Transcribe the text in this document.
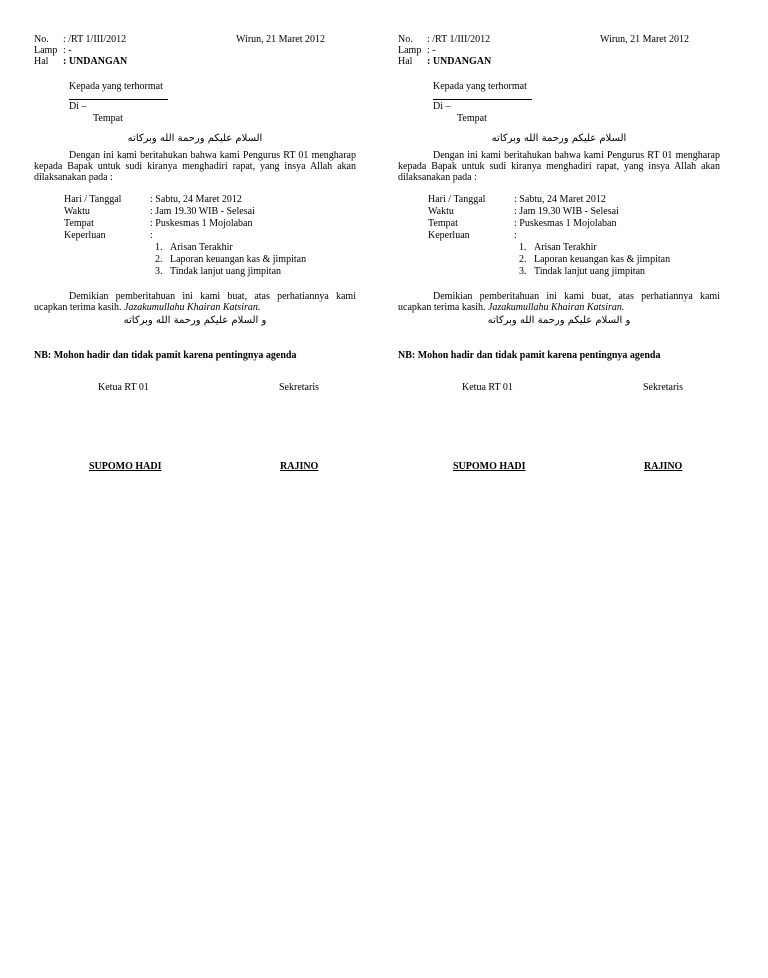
No. : /RT 1/III/2012	Wirun, 21 Maret 2012
Lamp : -
Hal : UNDANGAN
Kepada yang terhormat
Di –
Tempat
السلام عليكم ورحمة الله وبركاته
Dengan ini kami beritahukan bahwa kami Pengurus RT 01 mengharap kepada Bapak untuk sudi kiranya menghadiri rapat, yang insya Allah akan dilaksanakan pada :
Hari / Tanggal	: Sabtu, 24 Maret 2012
Waktu	: Jam 19.30 WIB - Selesai
Tempat	: Puskesmas 1 Mojolaban
Keperluan	:
1. Arisan Terakhir
2. Laporan keuangan kas & jimpitan
3. Tindak lanjut uang jimpitan
Demikian pemberitahuan ini kami buat, atas perhatiannya kami ucapkan terima kasih. Jazakumullahu Khairan Katsiran.
و السلام عليكم ورحمة الله وبركاته
NB: Mohon hadir dan tidak pamit karena pentingnya agenda
Ketua RT 01	Sekretaris
SUPOMO HADI	RAJINO
No. : /RT 1/III/2012	Wirun, 21 Maret 2012
Lamp : -
Hal : UNDANGAN
Kepada yang terhormat
Di –
Tempat
السلام عليكم ورحمة الله وبركاته
Dengan ini kami beritahukan bahwa kami Pengurus RT 01 mengharap kepada Bapak untuk sudi kiranya menghadiri rapat, yang insya Allah akan dilaksanakan pada :
Hari / Tanggal	: Sabtu, 24 Maret 2012
Waktu	: Jam 19.30 WIB - Selesai
Tempat	: Puskesmas 1 Mojolaban
Keperluan	:
1. Arisan Terakhir
2. Laporan keuangan kas & jimpitan
3. Tindak lanjut uang jimpitan
Demikian pemberitahuan ini kami buat, atas perhatiannya kami ucapkan terima kasih. Jazakumullahu Khairan Katsiran.
و السلام عليكم ورحمة الله وبركاته
NB: Mohon hadir dan tidak pamit karena pentingnya agenda
Ketua RT 01	Sekretaris
SUPOMO HADI	RAJINO
